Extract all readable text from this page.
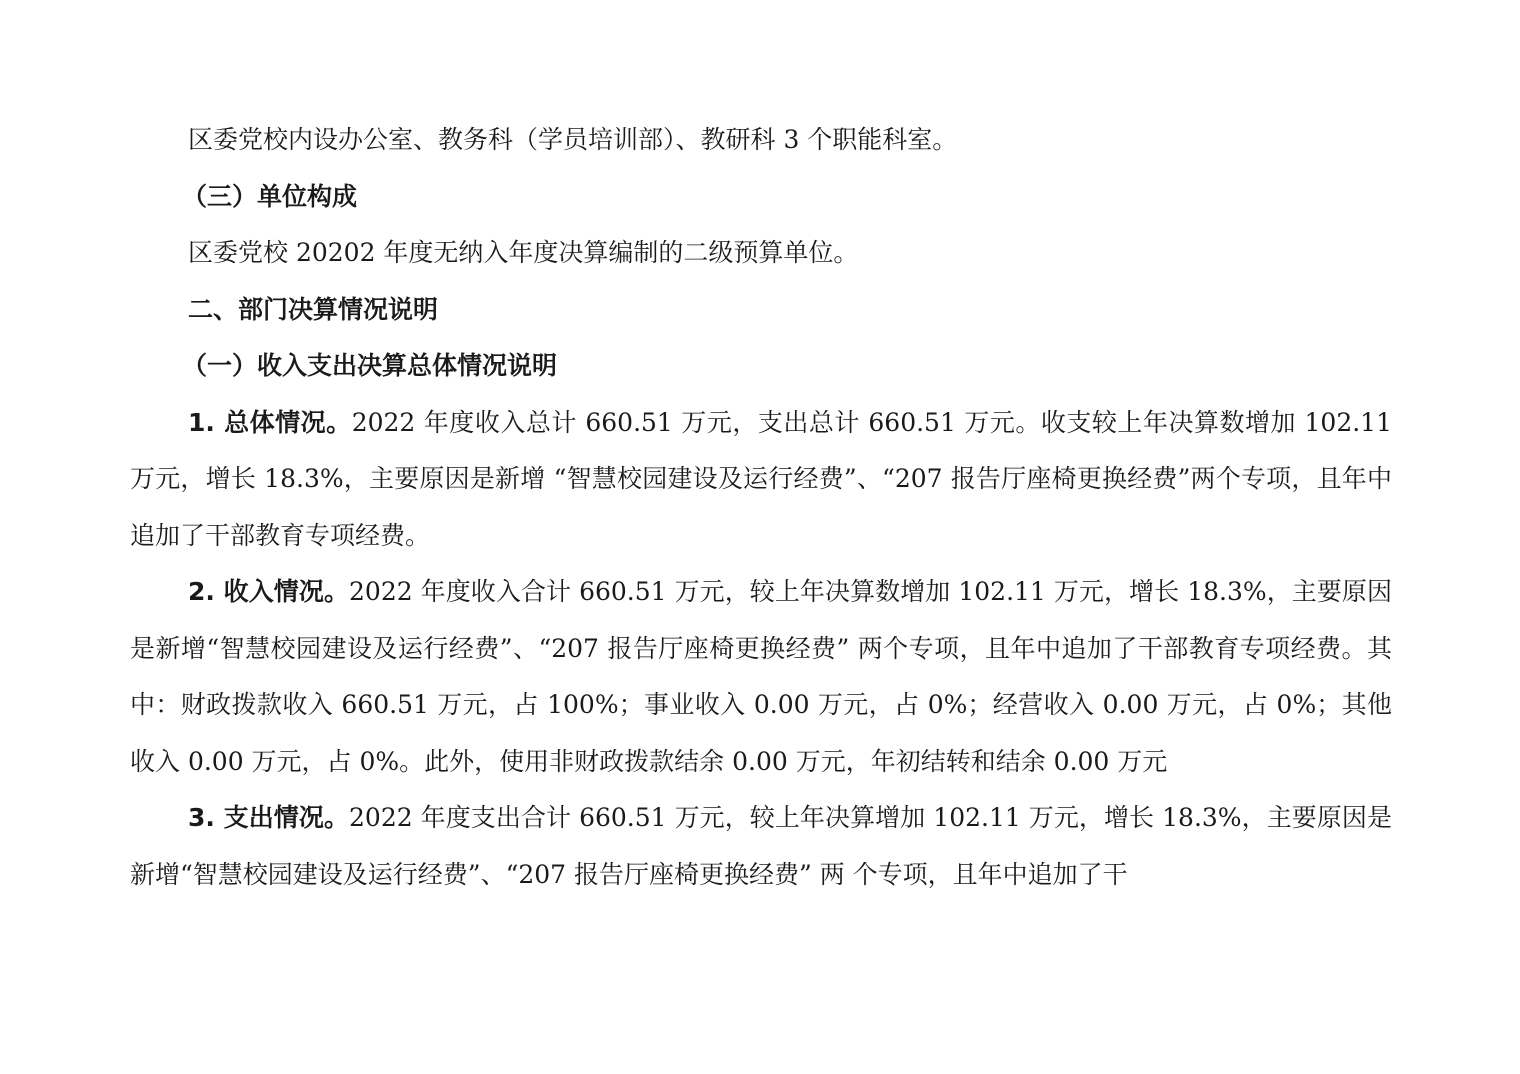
区委党校内设办公室、教务科（学员培训部）、教研科 3 个职能科室。

（三）单位构成

区委党校 20202 年度无纳入年度决算编制的二级预算单位。

二、部门决算情况说明

（一）收入支出决算总体情况说明

1. 总体情况。2022 年度收入总计 660.51 万元，支出总计 660.51 万元。收支较上年决算数增加 102.11 万元，增长 18.3%，主要原因是新增 “智慧校园建设及运行经费”、“207 报告厅座椅更换经费”两个专项，且年中追加了干部教育专项经费。

2. 收入情况。2022 年度收入合计 660.51 万元，较上年决算数增加 102.11 万元，增长 18.3%，主要原因是新增“智慧校园建设及运行经费”、“207 报告厅座椅更换经费” 两个专项，且年中追加了干部教育专项经费。其中：财政拨款收入 660.51 万元，占 100%；事业收入 0.00 万元，占 0%；经营收入 0.00 万元，占 0%；其他收入 0.00 万元，占 0%。此外，使用非财政拨款结余 0.00 万元，年初结转和结余 0.00 万元

3. 支出情况。2022 年度支出合计 660.51 万元，较上年决算增加 102.11 万元，增长 18.3%，主要原因是新增“智慧校园建设及运行经费”、“207 报告厅座椅更换经费” 两 个专项，且年中追加了干
